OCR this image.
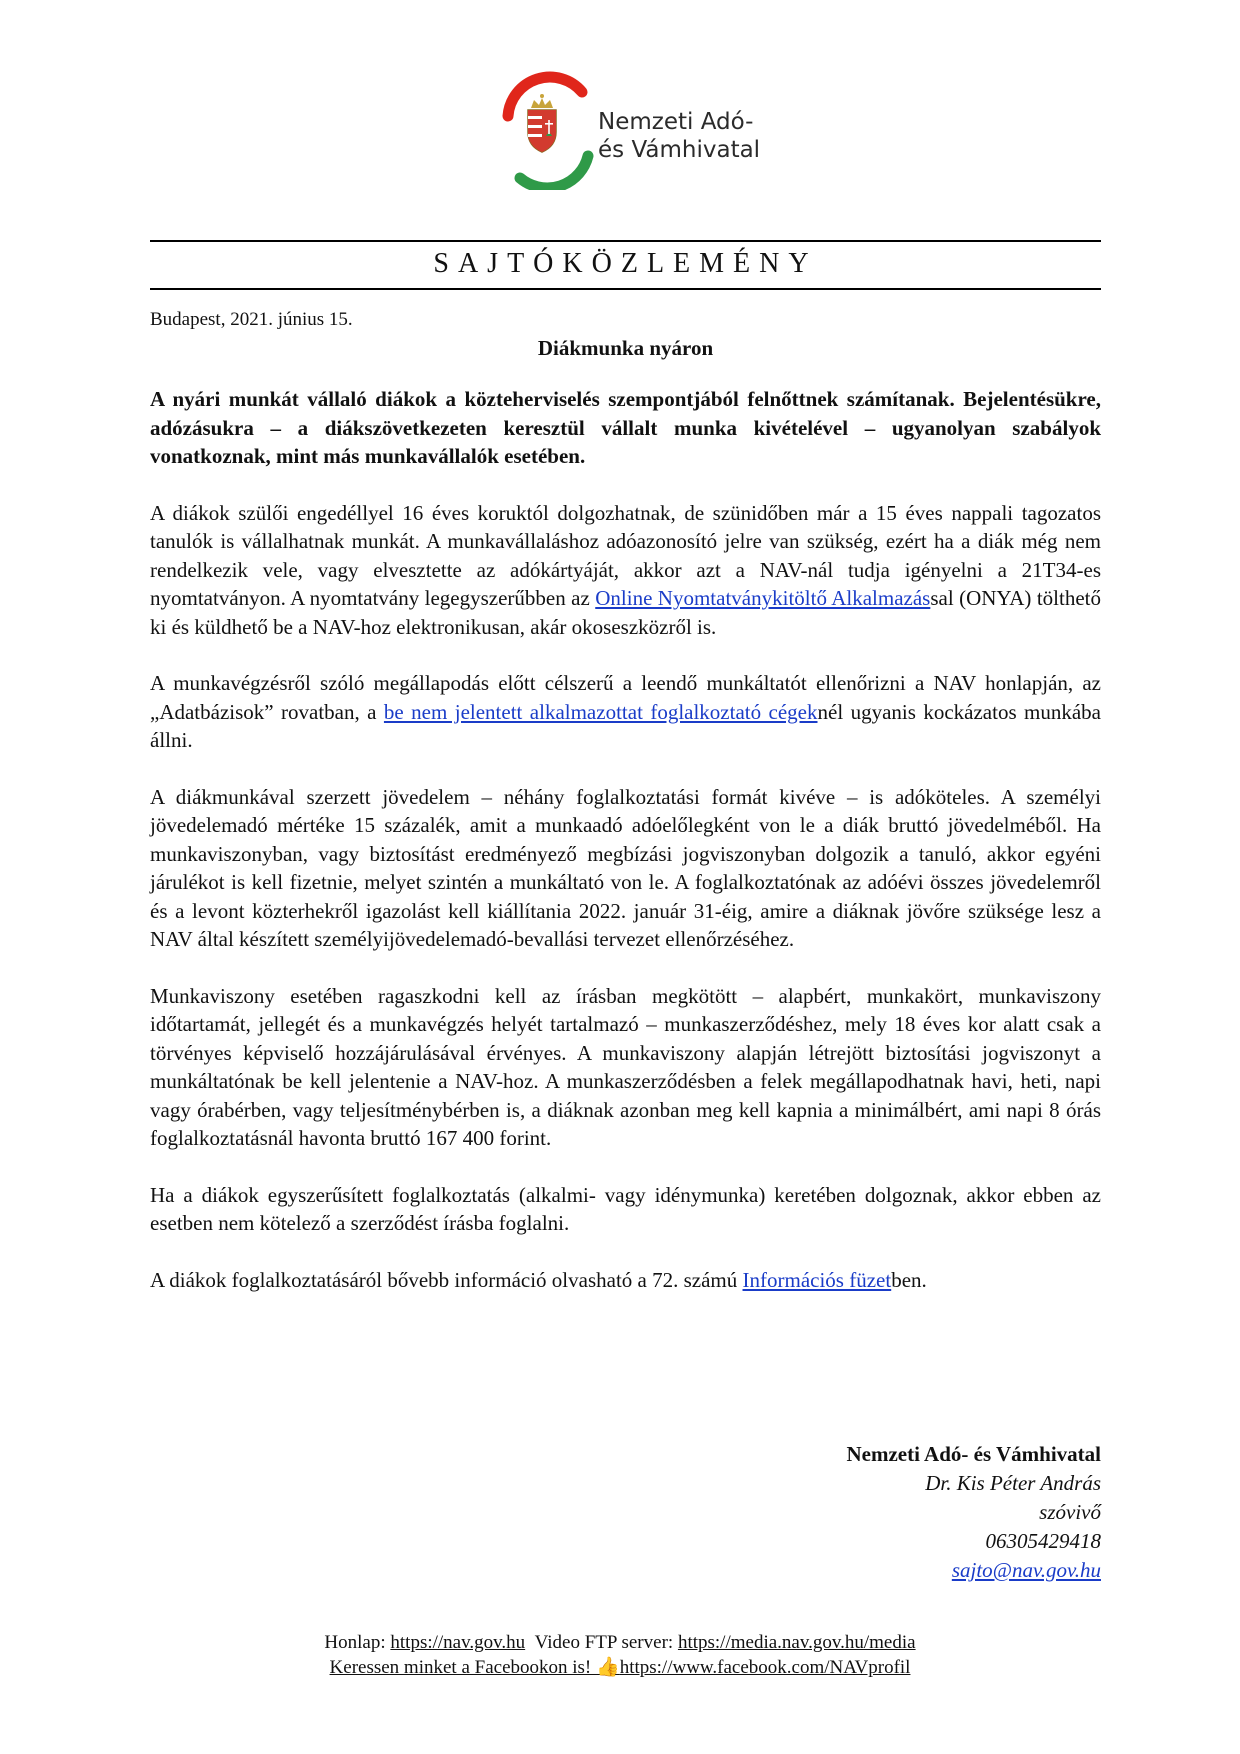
Nemzeti Adó-
és Vámhivatal
SAJTÓKÖZLEMÉNY
Budapest, 2021. június 15.
Diákmunka nyáron

A nyári munkát vállaló diákok a közteherviselés szempontjából felnőttnek számítanak. Bejelentésükre, adózásukra – a diákszövetkezeten keresztül vállalt munka kivételével – ugyanolyan szabályok vonatkoznak, mint más munkavállalók esetében.

A diákok szülői engedéllyel 16 éves koruktól dolgozhatnak, de szünidőben már a 15 éves nappali tagozatos tanulók is vállalhatnak munkát. A munkavállaláshoz adóazonosító jelre van szükség, ezért ha a diák még nem rendelkezik vele, vagy elvesztette az adókártyáját, akkor azt a NAV-nál tudja igényelni a 21T34-es nyomtatványon. A nyomtatvány legegyszerűbben az Online Nyomtatványkitöltő Alkalmazással (ONYA) tölthető ki és küldhető be a NAV-hoz elektronikusan, akár okoseszközről is.

A munkavégzésről szóló megállapodás előtt célszerű a leendő munkáltatót ellenőrizni a NAV honlapján, az „Adatbázisok” rovatban, a be nem jelentett alkalmazottat foglalkoztató cégeknél ugyanis kockázatos munkába állni.

A diákmunkával szerzett jövedelem – néhány foglalkoztatási formát kivéve – is adóköteles. A személyi jövedelemadó mértéke 15 százalék, amit a munkaadó adóelőlegként von le a diák bruttó jövedelméből. Ha munkaviszonyban, vagy biztosítást eredményező megbízási jogviszonyban dolgozik a tanuló, akkor egyéni járulékot is kell fizetnie, melyet szintén a munkáltató von le. A foglalkoztatónak az adóévi összes jövedelemről és a levont közterhekről igazolást kell kiállítania 2022. január 31-éig, amire a diáknak jövőre szüksége lesz a NAV által készített személyijövedelemadó-bevallási tervezet ellenőrzéséhez.

Munkaviszony esetében ragaszkodni kell az írásban megkötött – alapbért, munkakört, munkaviszony időtartamát, jellegét és a munkavégzés helyét tartalmazó – munkaszerződéshez, mely 18 éves kor alatt csak a törvényes képviselő hozzájárulásával érvényes. A munkaviszony alapján létrejött biztosítási jogviszonyt a munkáltatónak be kell jelentenie a NAV-hoz. A munkaszerződésben a felek megállapodhatnak havi, heti, napi vagy órabérben, vagy teljesítménybérben is, a diáknak azonban meg kell kapnia a minimálbért, ami napi 8 órás foglalkoztatásnál havonta bruttó 167 400 forint.

Ha a diákok egyszerűsített foglalkoztatás (alkalmi- vagy idénymunka) keretében dolgoznak, akkor ebben az esetben nem kötelező a szerződést írásba foglalni.

A diákok foglalkoztatásáról bővebb információ olvasható a 72. számú Információs füzetben.

Nemzeti Adó- és Vámhivatal
Dr. Kis Péter András
szóvivő
06305429418
sajto@nav.gov.hu
Honlap: https://nav.gov.hu Video FTP server: https://media.nav.gov.hu/media
Keressen minket a Facebookon is! 👍https://www.facebook.com/NAVprofil
